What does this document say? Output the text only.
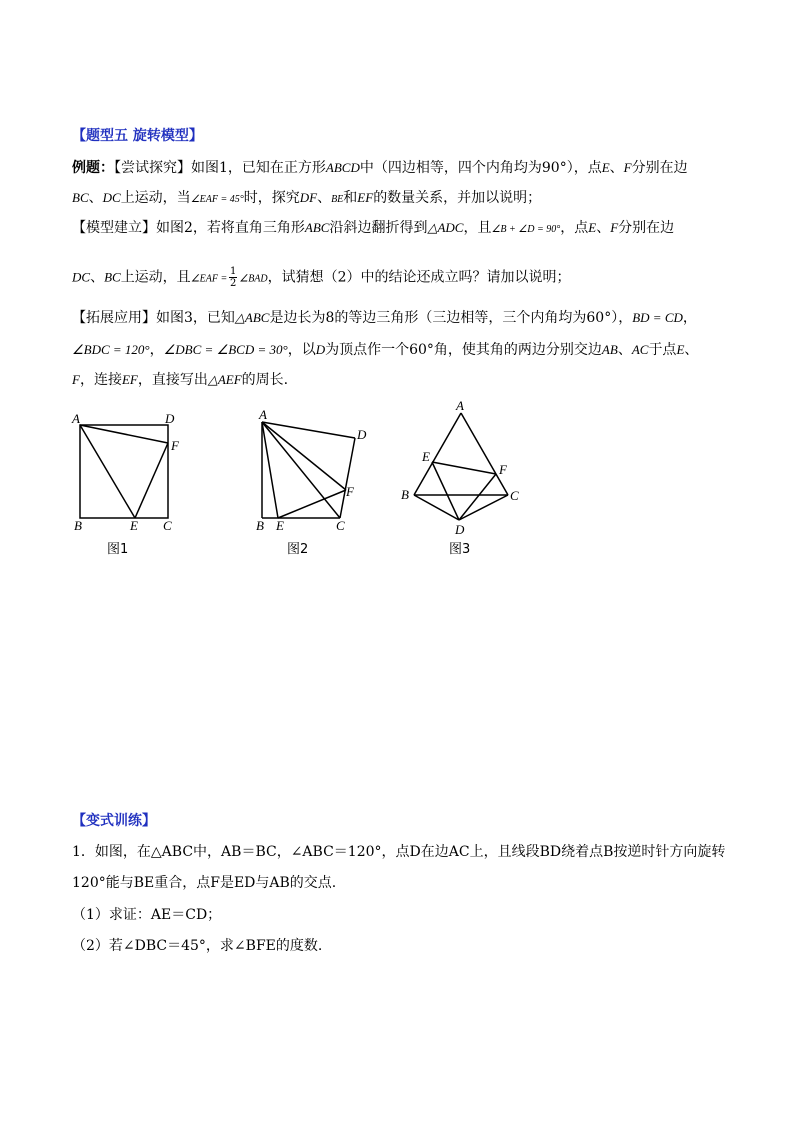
【题型五 旋转模型】
例题：【尝试探究】如图1，已知在正方形ABCD中（四边相等，四个内角均为90°），点E、F分别在边
BC、DC上运动，当∠EAF = 45°时，探究DF、BE和EF的数量关系，并加以说明；
【模型建立】如图2，若将直角三角形ABC沿斜边翻折得到△ADC，且∠B + ∠D = 90°，点E、F分别在边
DC、BC上运动，且∠EAF = $\frac{1}{2}$ ∠BAD，试猜想（2）中的结论还成立吗？请加以说明；
【拓展应用】如图3，已知△ABC是边长为8的等边三角形（三边相等，三个内角均为60°），BD = CD，
∠BDC = 120°，∠DBC = ∠BCD = 30°，以D为顶点作一个60°角，使其角的两边分别交边AB、AC于点E、
F，连接EF，直接写出△AEF的周长.
A	D
F
B	E C
图1
A
D
F
B E	C
图2
A
E
F
B	C
D
图3
【变式训练】
1．如图，在△ABC中，AB＝BC，∠ABC＝120°，点D在边AC上，且线段BD绕着点B按逆时针方向旋转
120°能与BE重合，点F是ED与AB的交点.
（1）求证：AE＝CD；
（2）若∠DBC＝45°，求∠BFE的度数.
